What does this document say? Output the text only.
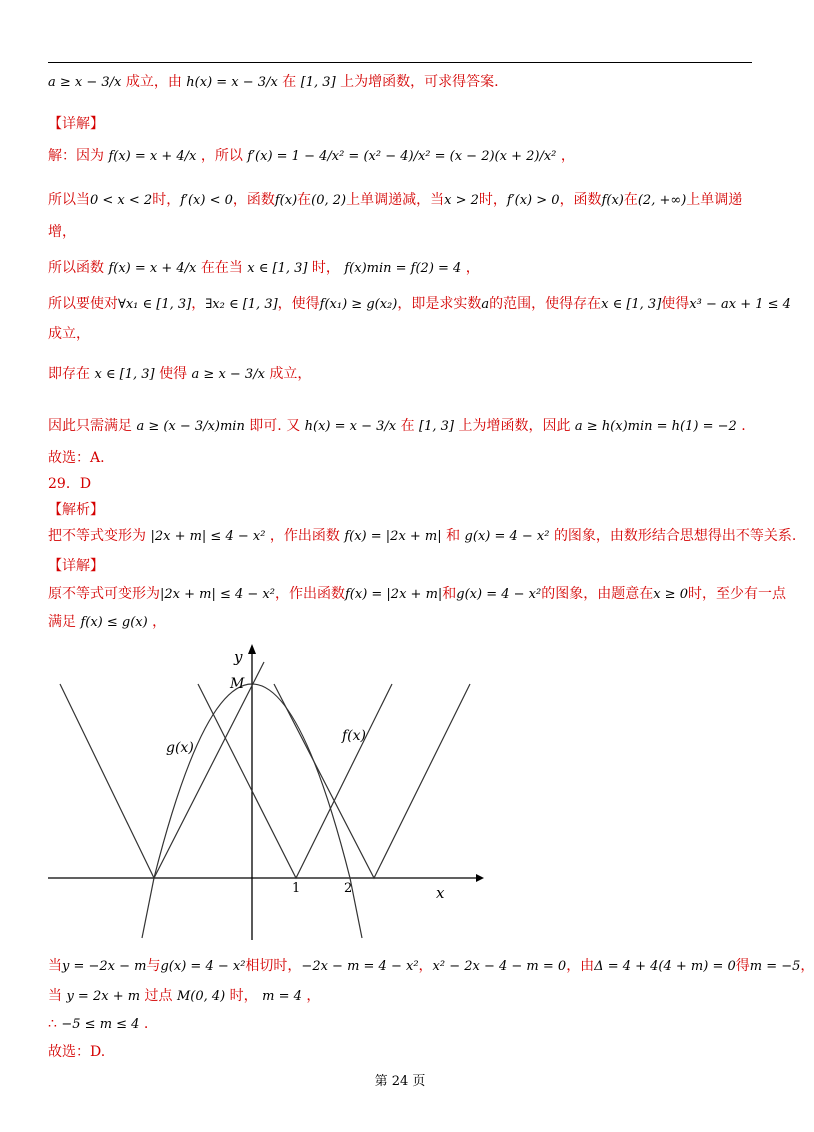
a ≥ x − 3/x 成立，由 h(x) = x − 3/x 在 [1, 3] 上为增函数，可求得答案.
【详解】
解：因为 f(x) = x + 4/x ，所以 f′(x) = 1 − 4/x² = (x² − 4)/x² = (x − 2)(x + 2)/x² ，
所以当0 < x < 2时，f′(x) < 0，函数f(x)在(0, 2)上单调递减，当x > 2时，f′(x) > 0，函数f(x)在(2, +∞)上单调递
增，
所以函数 f(x) = x + 4/x 在在当 x ∈ [1, 3] 时， f(x)min = f(2) = 4 ，
所以要使对∀x₁ ∈ [1, 3]，∃x₂ ∈ [1, 3]，使得f(x₁) ≥ g(x₂)，即是求实数a的范围，使得存在x ∈ [1, 3]使得x³ − ax + 1 ≤ 4
成立，
即存在 x ∈ [1, 3] 使得 a ≥ x − 3/x 成立，
因此只需满足 a ≥ (x − 3/x)min 即可. 又 h(x) = x − 3/x 在 [1, 3] 上为增函数，因此 a ≥ h(x)min = h(1) = −2 .
故选：A.
29．D
【解析】
把不等式变形为 |2x + m| ≤ 4 − x² ，作出函数 f(x) = |2x + m| 和 g(x) = 4 − x² 的图象，由数形结合思想得出不等关系.
【详解】
原不等式可变形为|2x + m| ≤ 4 − x²，作出函数f(x) = |2x + m|和g(x) = 4 − x²的图象，由题意在x ≥ 0时，至少有一点
满足 f(x) ≤ g(x) ，
y
x
M
g(x)
f(x)
1	2
当y = −2x − m与g(x) = 4 − x²相切时，−2x − m = 4 − x²，x² − 2x − 4 − m = 0，由Δ = 4 + 4(4 + m) = 0得m = −5，
当 y = 2x + m 过点 M(0, 4) 时， m = 4 ，
∴ −5 ≤ m ≤ 4 .
故选：D.
第 24 页
